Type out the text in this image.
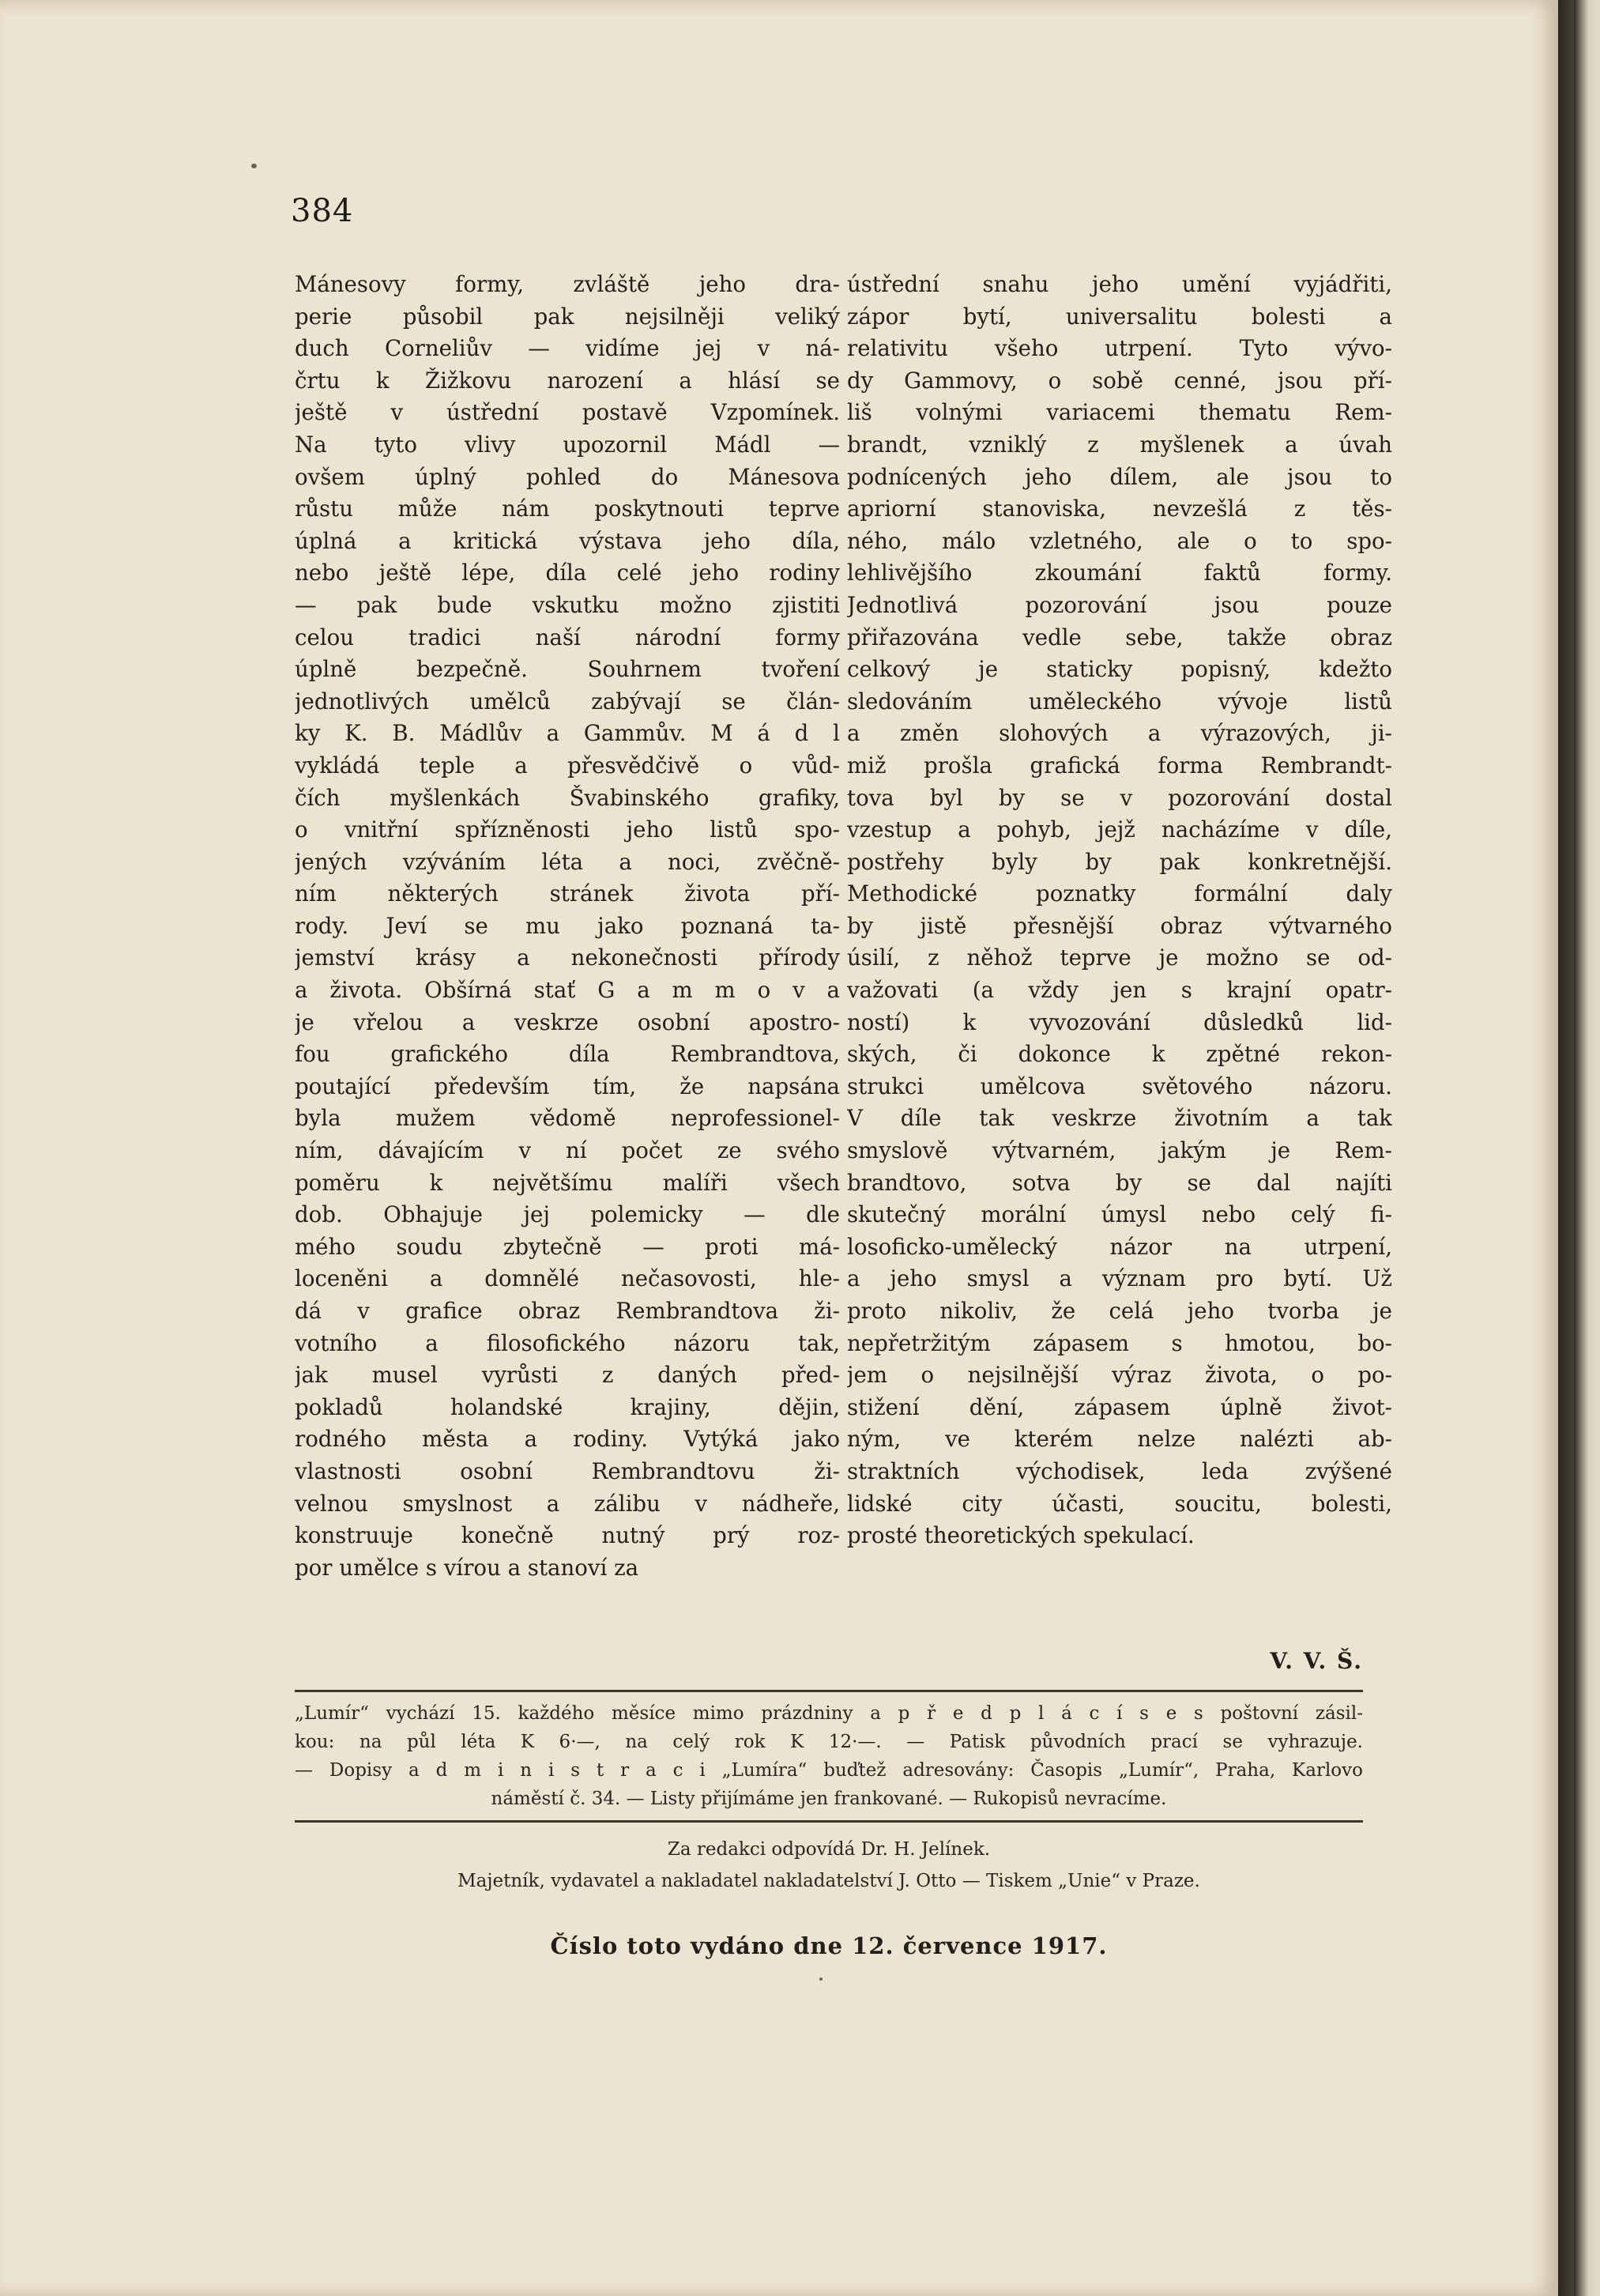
384
Mánesovy formy, zvláště jeho dra-
perie působil pak nejsilněji veliký
duch Corneliův — vidíme jej v ná-
črtu k Žižkovu narození a hlásí se
ještě v ústřední postavě Vzpomínek.
Na tyto vlivy upozornil Mádl —
ovšem úplný pohled do Mánesova
růstu může nám poskytnouti teprve
úplná a kritická výstava jeho díla,
nebo ještě lépe, díla celé jeho rodiny
— pak bude vskutku možno zjistiti
celou tradici naší národní formy
úplně bezpečně. Souhrnem tvoření
jednotlivých umělců zabývají se člán-
ky K. B. Mádlův a Gammův. M á d l
vykládá teple a přesvědčivě o vůd-
čích myšlenkách Švabinského grafiky,
o vnitřní spřízněnosti jeho listů spo-
jených vzýváním léta a noci, zvěčně-
ním některých stránek života pří-
rody. Jeví se mu jako poznaná ta-
jemství krásy a nekonečnosti přírody
a života. Obšírná stať G a m m o v a
je vřelou a veskrze osobní apostro-
fou grafického díla Rembrandtova,
poutající především tím, že napsána
byla mužem vědomě neprofessionel-
ním, dávajícím v ní počet ze svého
poměru k největšímu malíři všech
dob. Obhajuje jej polemicky — dle
mého soudu zbytečně — proti má-
loceněni a domnělé nečasovosti, hle-
dá v grafice obraz Rembrandtova ži-
votního a filosofického názoru tak,
jak musel vyrůsti z daných před-
pokladů holandské krajiny, dějin,
rodného města a rodiny. Vytýká jako
vlastnosti osobní Rembrandtovu ži-
velnou smyslnost a zálibu v nádheře,
konstruuje konečně nutný prý roz-
por umělce s vírou a stanoví za
ústřední snahu jeho umění vyjádřiti,
zápor bytí, universalitu bolesti a
relativitu všeho utrpení. Tyto vývo-
dy Gammovy, o sobě cenné, jsou pří-
liš volnými variacemi thematu Rem-
brandt, vzniklý z myšlenek a úvah
podnícených jeho dílem, ale jsou to
apriorní stanoviska, nevzešlá z těs-
ného, málo vzletného, ale o to spo-
lehlivějšího zkoumání faktů formy.
Jednotlivá pozorování jsou pouze
přiřazována vedle sebe, takže obraz
celkový je staticky popisný, kdežto
sledováním uměleckého vývoje listů
a změn slohových a výrazových, ji-
miž prošla grafická forma Rembrandt-
tova byl by se v pozorování dostal
vzestup a pohyb, jejž nacházíme v díle,
postřehy byly by pak konkretnější.
Methodické poznatky formální daly
by jistě přesnější obraz výtvarného
úsilí, z něhož teprve je možno se od-
važovati (a vždy jen s krajní opatr-
ností) k vyvozování důsledků lid-
ských, či dokonce k zpětné rekon-
strukci umělcova světového názoru.
V díle tak veskrze životním a tak
smyslově výtvarném, jakým je Rem-
brandtovo, sotva by se dal najíti
skutečný morální úmysl nebo celý fi-
losoficko-umělecký názor na utrpení,
a jeho smysl a význam pro bytí. Už
proto nikoliv, že celá jeho tvorba je
nepřetržitým zápasem s hmotou, bo-
jem o nejsilnější výraz života, o po-
stižení dění, zápasem úplně život-
ným, ve kterém nelze nalézti ab-
straktních východisek, leda zvýšené
lidské city účasti, soucitu, bolesti,
prosté theoretických spekulací.
V. V. Š.
„Lumír“ vychází 15. každého měsíce mimo prázdniny a p ř e d p l á c í s e s poštovní zásil-
kou: na půl léta K 6·—, na celý rok K 12·—. — Patisk původních prací se vyhrazuje.
— Dopisy a d m i n i s t r a c i „Lumíra“ buďtež adresovány: Časopis „Lumír“, Praha, Karlovo
náměstí č. 34. — Listy přijímáme jen frankované. — Rukopisů nevracíme.
Za redakci odpovídá Dr. H. Jelínek.
Majetník, vydavatel a nakladatel nakladatelství J. Otto — Tiskem „Unie“ v Praze.
Číslo toto vydáno dne 12. července 1917.
